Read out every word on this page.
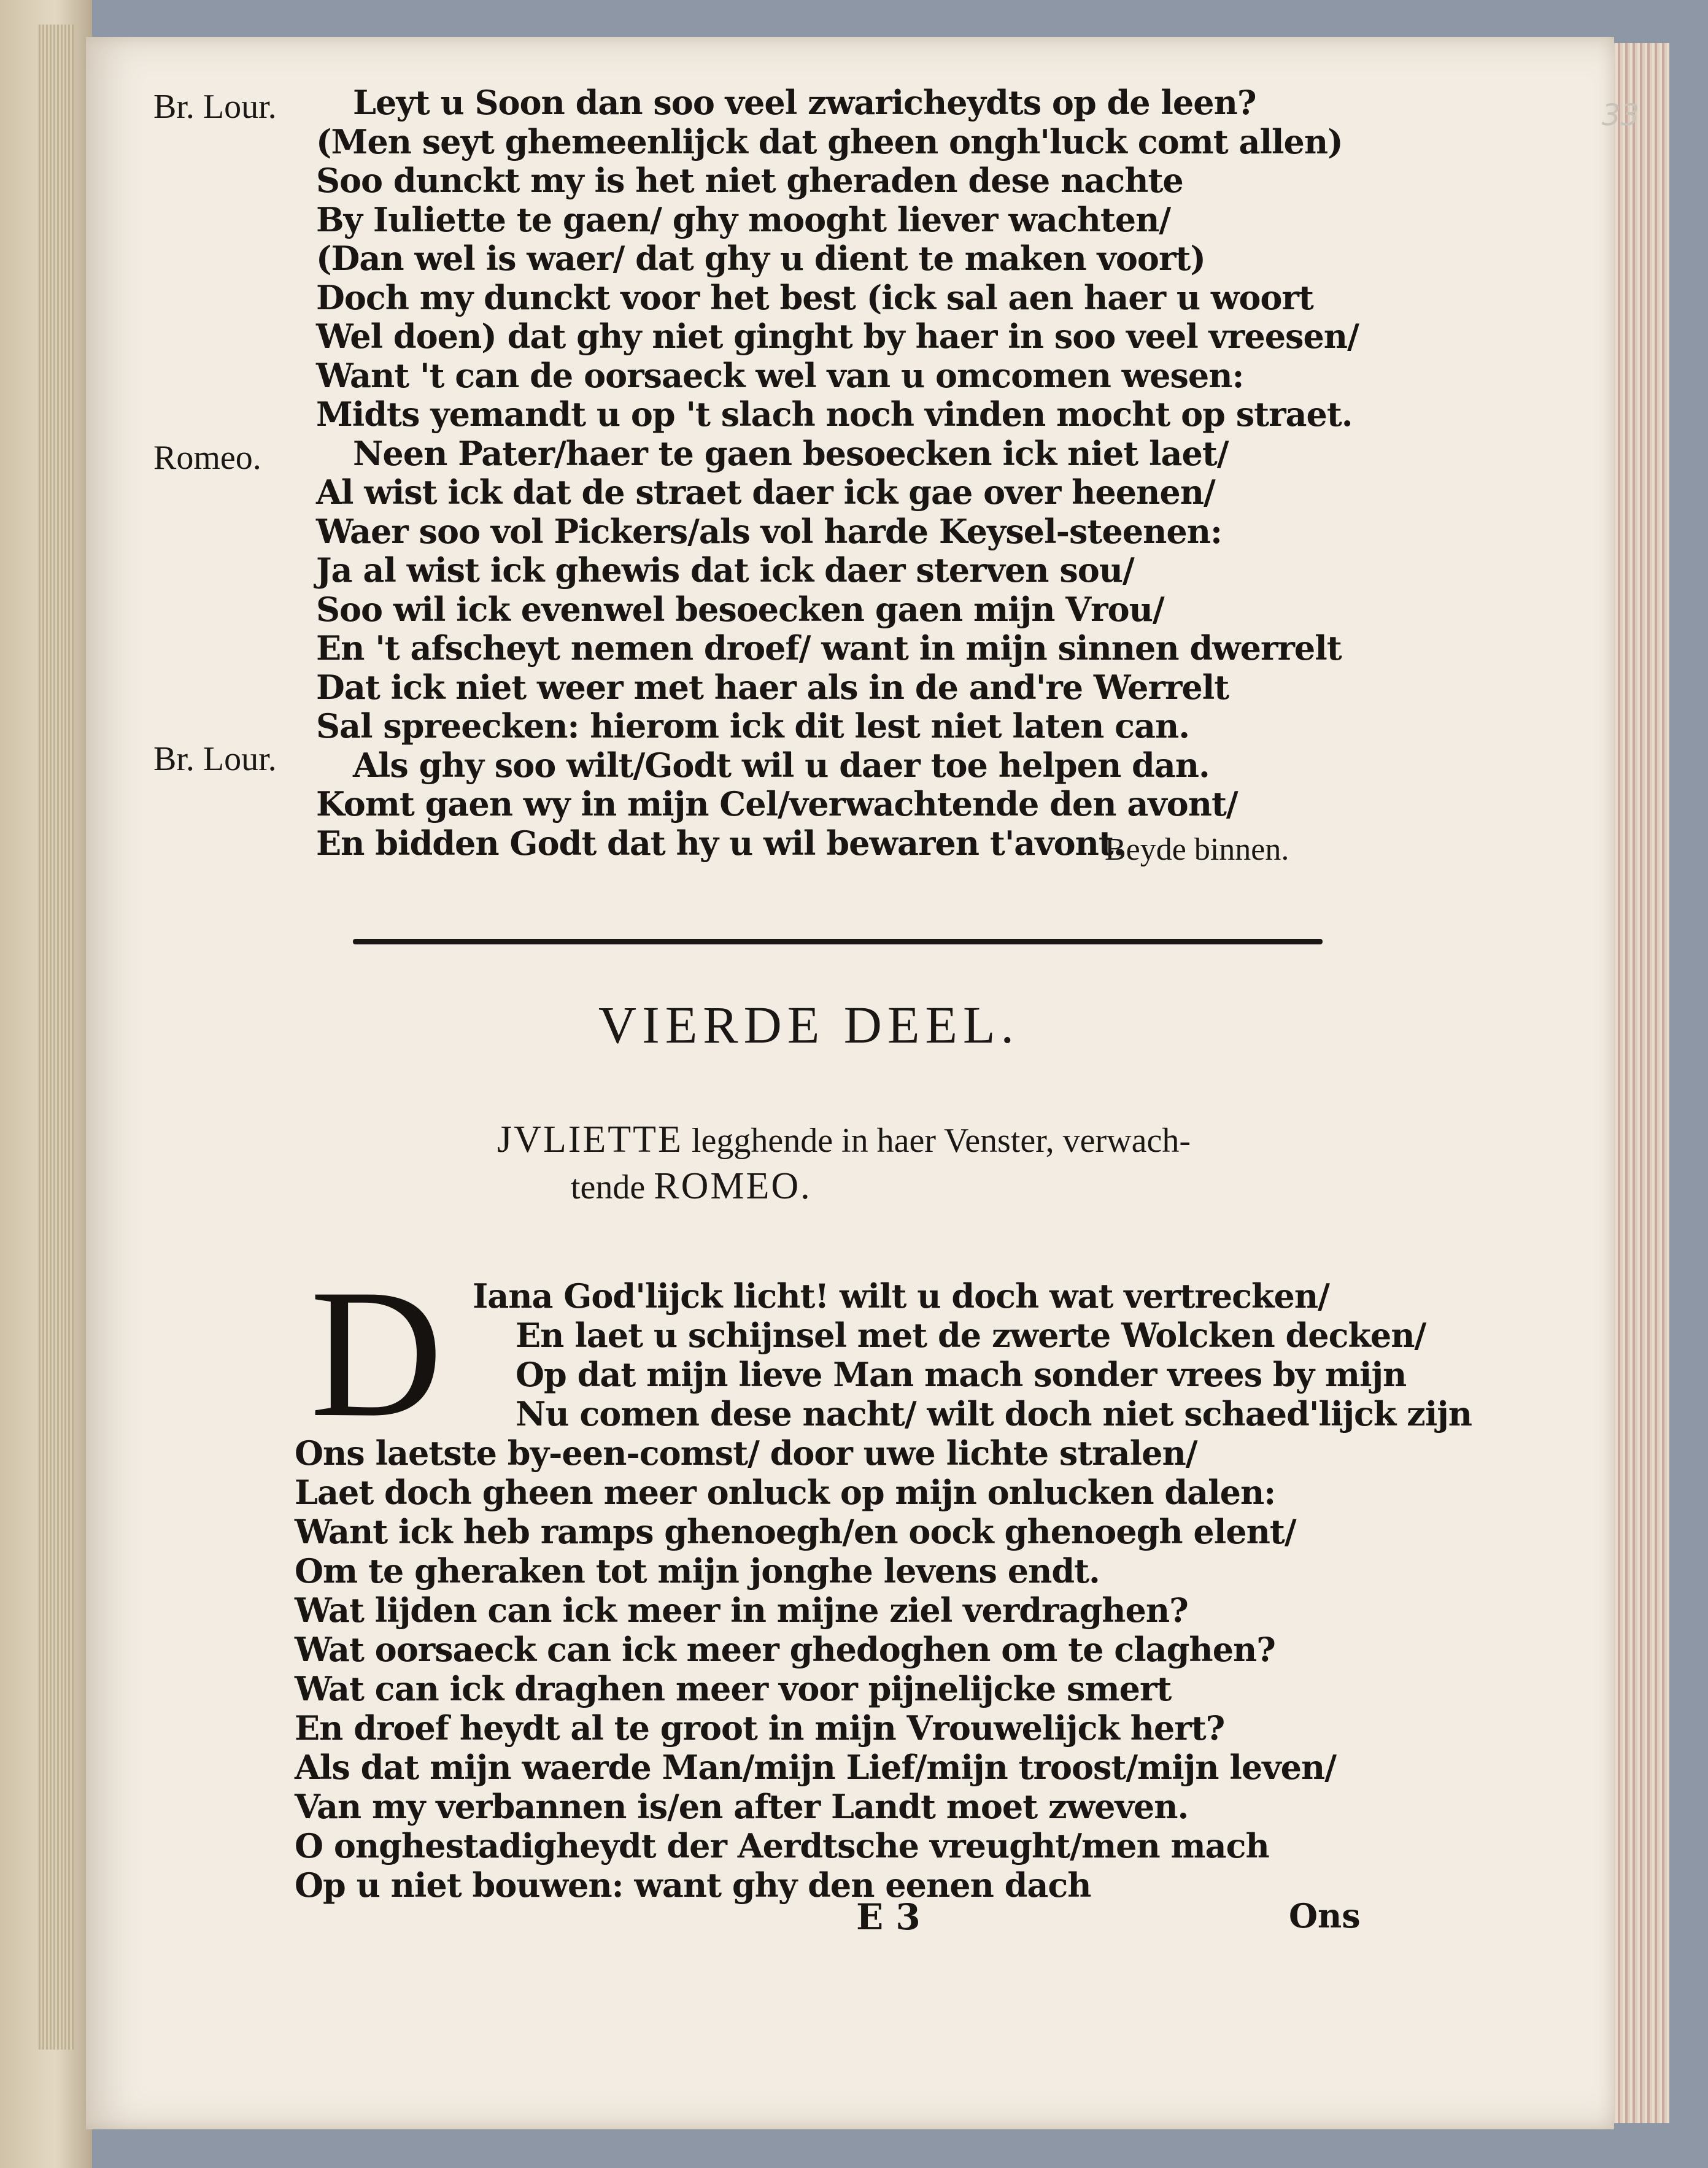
33
Br. Lour.
Romeo.
Br. Lour.
Leyt u Soon dan soo veel zwaricheydts op de leen?
(Men seyt ghemeenlijck dat gheen ongh'luck comt allen)
Soo dunckt my is het niet gheraden dese nachte
By Iuliette te gaen/ ghy mooght liever wachten/
(Dan wel is waer/ dat ghy u dient te maken voort)
Doch my dunckt voor het best (ick sal aen haer u woort
Wel doen) dat ghy niet ginght by haer in soo veel vreesen/
Want 't can de oorsaeck wel van u omcomen wesen:
Midts yemandt u op 't slach noch vinden mocht op straet.
Neen Pater/haer te gaen besoecken ick niet laet/
Al wist ick dat de straet daer ick gae over heenen/
Waer soo vol Pickers/als vol harde Keysel-steenen:
Ja al wist ick ghewis dat ick daer sterven sou/
Soo wil ick evenwel besoecken gaen mijn Vrou/
En 't afscheyt nemen droef/ want in mijn sinnen dwerrelt
Dat ick niet weer met haer als in de and're Werrelt
Sal spreecken: hierom ick dit lest niet laten can.
Als ghy soo wilt/Godt wil u daer toe helpen dan.
Komt gaen wy in mijn Cel/verwachtende den avont/
En bidden Godt dat hy u wil bewaren t'avont.
Beyde binnen.
VIERDE DEEL.
JVLIETTE legghende in haer Venster, verwach-
tende ROMEO.
D Iana God'lijck licht! wilt u doch wat vertrecken/
En laet u schijnsel met de zwerte Wolcken decken/
Op dat mijn lieve Man mach sonder vrees by mijn
Nu comen dese nacht/ wilt doch niet schaed'lijck zijn
Ons laetste by-een-comst/ door uwe lichte stralen/
Laet doch gheen meer onluck op mijn onlucken dalen:
Want ick heb ramps ghenoegh/en oock ghenoegh elent/
Om te gheraken tot mijn jonghe levens endt.
Wat lijden can ick meer in mijne ziel verdraghen?
Wat oorsaeck can ick meer ghedoghen om te claghen?
Wat can ick draghen meer voor pijnelijcke smert
En droef heydt al te groot in mijn Vrouwelijck hert?
Als dat mijn waerde Man/mijn Lief/mijn troost/mijn leven/
Van my verbannen is/en after Landt moet zweven.
O onghestadigheydt der Aerdtsche vreught/men mach
Op u niet bouwen: want ghy den eenen dach
E 3	Ons
